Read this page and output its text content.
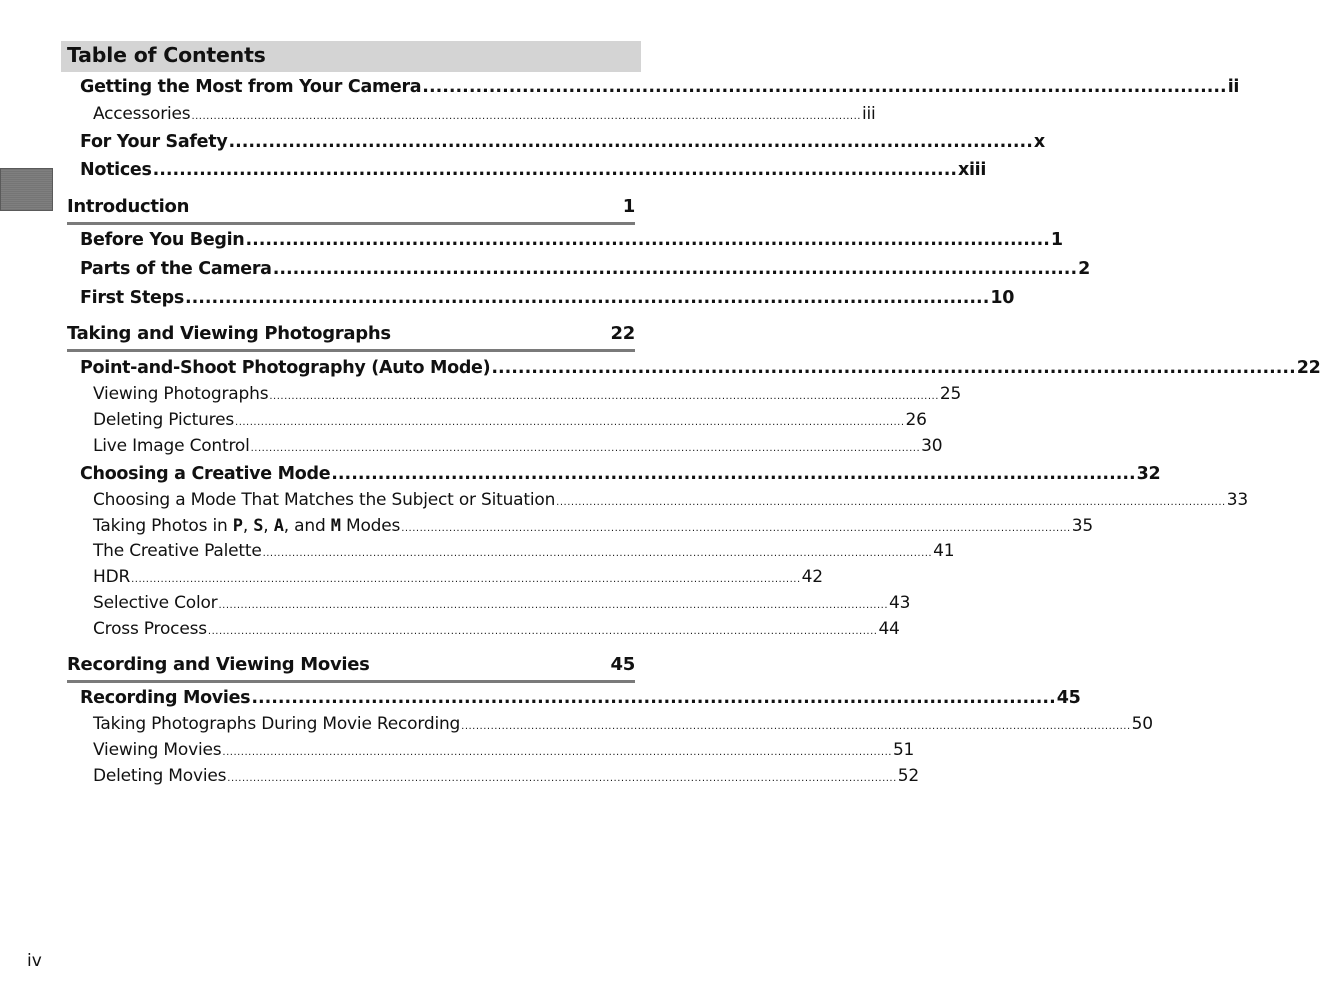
Table of Contents
Getting the Most from Your Camera ......................................................................................................................... ii
Accessories ...................................................................................................................................................................................... iii
For Your Safety ......................................................................................................................... x
Notices ......................................................................................................................... xiii
Introduction	1
Before You Begin ......................................................................................................................... 1
Parts of the Camera ......................................................................................................................... 2
First Steps ......................................................................................................................... 10
Taking and Viewing Photographs	22
Point-and-Shoot Photography (Auto Mode) ......................................................................................................................... 22
Viewing Photographs ...................................................................................................................................................................................... 25
Deleting Pictures ...................................................................................................................................................................................... 26
Live Image Control ...................................................................................................................................................................................... 30
Choosing a Creative Mode ......................................................................................................................... 32
Choosing a Mode That Matches the Subject or Situation ...................................................................................................................................................................................... 33
Taking Photos in P, S, A, and M Modes ...................................................................................................................................................................................... 35
The Creative Palette ...................................................................................................................................................................................... 41
HDR ...................................................................................................................................................................................... 42
Selective Color ...................................................................................................................................................................................... 43
Cross Process ...................................................................................................................................................................................... 44
Recording and Viewing Movies	45
Recording Movies ......................................................................................................................... 45
Taking Photographs During Movie Recording ...................................................................................................................................................................................... 50
Viewing Movies ...................................................................................................................................................................................... 51
Deleting Movies ...................................................................................................................................................................................... 52
iv
